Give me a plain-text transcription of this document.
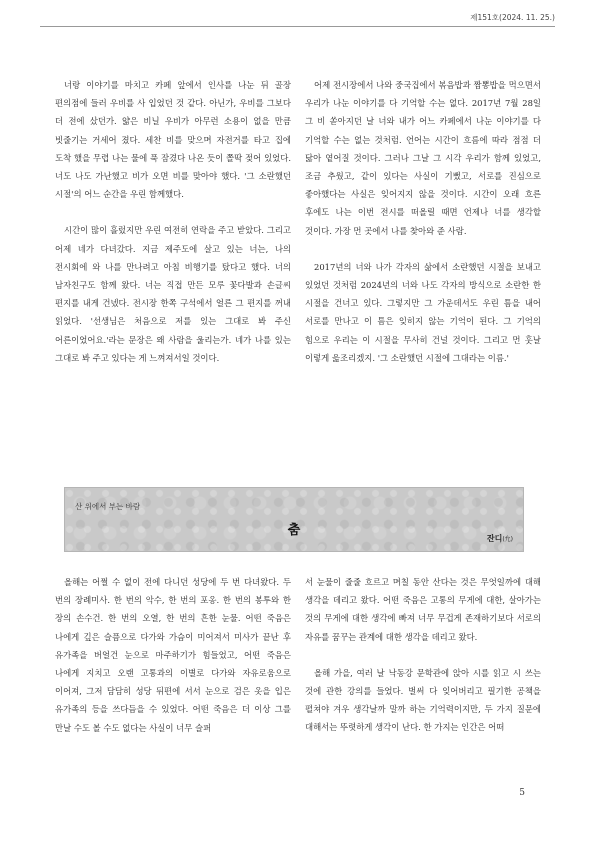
제151호(2024. 11. 25.)

너랑 이야기를 마치고 카페 앞에서 인사를 나눈 뒤 골장 편의점에 들러 우비를 사 입었던 것 같다. 아닌가, 우비를 그보다 더 전에 샀던가. 얇은 비닐 우비가 아무런 소용이 없을 만큼 빗줄기는 거세어 졌다. 세찬 비를 맞으며 자전거를 타고 집에 도착 했을 무렵 나는 물에 푹 잠겼다 나온 듯이 쫄딱 젖어 있었다. 너도 나도 가난했고 비가 오면 비를 맞아야 했다. '그 소란했던 시절'의 어느 순간을 우린 함께했다.

시간이 많이 흘렀지만 우린 여전히 연락을 주고 받았다. 그리고 어제 네가 다녀갔다. 지금 제주도에 살고 있는 너는, 나의 전시회에 와 나를 만나려고 아침 비행기를 탔다고 했다. 너의 남자친구도 함께 왔다. 너는 직접 만든 모루 꽃다발과 손글씨 편지를 내게 건넸다. 전시장 한쪽 구석에서 얼른 그 편지를 꺼내 읽었다. '선생님은 처음으로 저를 있는 그대로 봐 주신 어른이었어요.'라는 문장은 왜 사람을 울리는가. 네가 나를 있는 그대로 봐 주고 있다는 게 느껴져서일 것이다.

어제 전시장에서 나와 중국집에서 볶음밥과 짬뽕밥을 먹으면서 우리가 나눈 이야기를 다 기억할 수는 없다. 2017년 7월 28일 그 비 쏟아지던 날 너와 내가 어느 카페에서 나눈 이야기를 다 기억할 수는 없는 것처럼. 언어는 시간이 흐름에 따라 점점 더 닳아 옅어질 것이다. 그러나 그날 그 시각 우리가 함께 있었고, 조금 추웠고, 같이 있다는 사실이 기뻤고, 서로를 진심으로 좋아했다는 사실은 잊어지지 않을 것이다. 시간이 오래 흐른 후에도 나는 이번 전시를 떠올릴 때면 언제나 너를 생각할 것이다. 가장 먼 곳에서 나를 찾아와 준 사람.

2017년의 너와 나가 각자의 삶에서 소란했던 시절을 보내고 있었던 것처럼 2024년의 너와 나도 각자의 방식으로 소란한 한 시절을 건너고 있다. 그렇지만 그 가운데서도 우린 틈을 내어 서로를 만나고 이 틈은 잊히지 않는 기억이 된다. 그 기억의 힘으로 우리는 이 시절을 무사히 건널 것이다. 그리고 먼 훗날 이렇게 읊조리겠지. '그 소란했던 시절에 그대라는 이름.'

산 위에서 부는 바람
춤
잔디(允)

올해는 어쩔 수 없이 전에 다니던 성당에 두 번 다녀왔다. 두 번의 장례미사. 한 번의 악수, 한 번의 포옹. 한 번의 봉투와 한 장의 손수건. 한 번의 오열, 한 번의 흔한 눈물. 어떤 죽음은 나에게 깊은 슬픔으로 다가와 가슴이 미어져서 미사가 끝난 후 유가족을 버얼건 눈으로 마주하기가 힘들었고, 어떤 죽음은 나에게 지치고 오랜 고통과의 이별로 다가와 자유로움으로 이어져, 그저 담담히 성당 뒤편에 서서 눈으로 검은 옷을 입은 유가족의 등을 쓰다듬을 수 있었다. 어떤 죽음은 더 이상 그를 만날 수도 볼 수도 없다는 사실이 너무 슬퍼

서 눈물이 줄줄 흐르고 며칠 동안 산다는 것은 무엇일까에 대해 생각을 데리고 왔다. 어떤 죽음은 고통의 무게에 대한, 살아가는 것의 무게에 대한 생각에 빠져 너무 무겁게 존재하기보다 서로의 자유를 꿈꾸는 관계에 대한 생각을 데리고 왔다.

올해 가을, 여러 날 낙동강 문학관에 앉아 시를 읽고 시 쓰는 것에 관한 강의를 들었다. 벌써 다 잊어버리고 필기한 공책을 펼쳐야 겨우 생각날까 말까 하는 기억력이지만, 두 가지 질문에 대해서는 뚜렷하게 생각이 난다. 한 가지는 인간은 어떠

5
